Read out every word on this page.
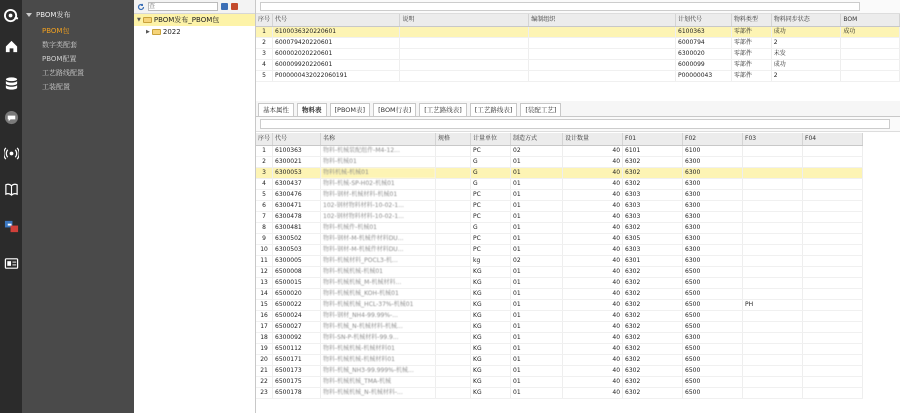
PBOM发布
PBOM包
数字类配套
PBOM配置
工艺路线配置
工装配置
查
▼ PBOM发布_PBOM包
▶ 2022
序号	代号	说明	编制组织	计划代号	物料类型	物料同步状态	BOM
1	6100036320220601			6100363	零部件	成功	成功
2	600079420220601			6000794	零部件	2	
3	600002020220601			6300020	零部件	未发	
4	600009920220601			6000099	零部件	成功	
5	P000000432022060191			P00000043	零部件	2	
基本属性	物料表	[PBOM表]	[BOM行表]	[工艺路线表]	[工艺路线表]	[装配工艺]
序号	代号	名称	规格	计量单位	制造方式	设计数量	F01	F02	F03	F04
1	6100363	物料-机械装配组件-M4-12...		PC	02	40	6101	6100		
2	6300021	物料-机械01		G	01	40	6302	6300		
3	6300053	物料机械-机械01		G	01	40	6302	6300		
4	6300437	物料-机械-SP-H02-机械01		G	01	40	6302	6300		
5	6300476	物料-钢材-机械材料-机械01		PC	01	40	6303	6300		
6	6300471	102-钢材物料材料-10-02-1...		PC	01	40	6303	6300		
7	6300478	102-钢材物料材料-10-02-1...		PC	01	40	6303	6300		
8	6300481	物料-机械件-机械01		G	01	40	6302	6300		
9	6300502	物料-钢材-M-机械件材料DU...		PC	01	40	6305	6300		
10	6300503	物料-钢材-M-机械件材料DU...		PC	01	40	6303	6300		
11	6300005	物料-机械材料_POCL3-机...		kg	02	40	6301	6300		
12	6500008	物料-机械机械-机械01		KG	01	40	6302	6500		
13	6500015	物料-机械机械_M-机械材料...		KG	01	40	6302	6500		
14	6500020	物料-机械机械_KOH-机械01		KG	01	40	6302	6500		
15	6500022	物料-机械机械_HCL-37%-机械01		KG	01	40	6302	6500	PH	
16	6500024	物料-钢材_NH4-99.99%-...		KG	01	40	6302	6500		
17	6500027	物料-机械_N-机械材料-机械...		KG	01	40	6302	6500		
18	6300092	物料-SN-P-机械材料-99.9...		KG	01	40	6302	6300		
19	6500112	物料-机械机械-机械材料01		KG	01	40	6302	6500		
20	6500171	物料-机械机械-机械材料01		KG	01	40	6302	6500		
21	6500173	物料-机械_NH3-99.999%-机械...		KG	01	40	6302	6500		
22	6500175	物料-机械机械_TMA-机械		KG	01	40	6302	6500		
23	6500178	物料-机械机械_N-机械材料-...		KG	01	40	6302	6500		
